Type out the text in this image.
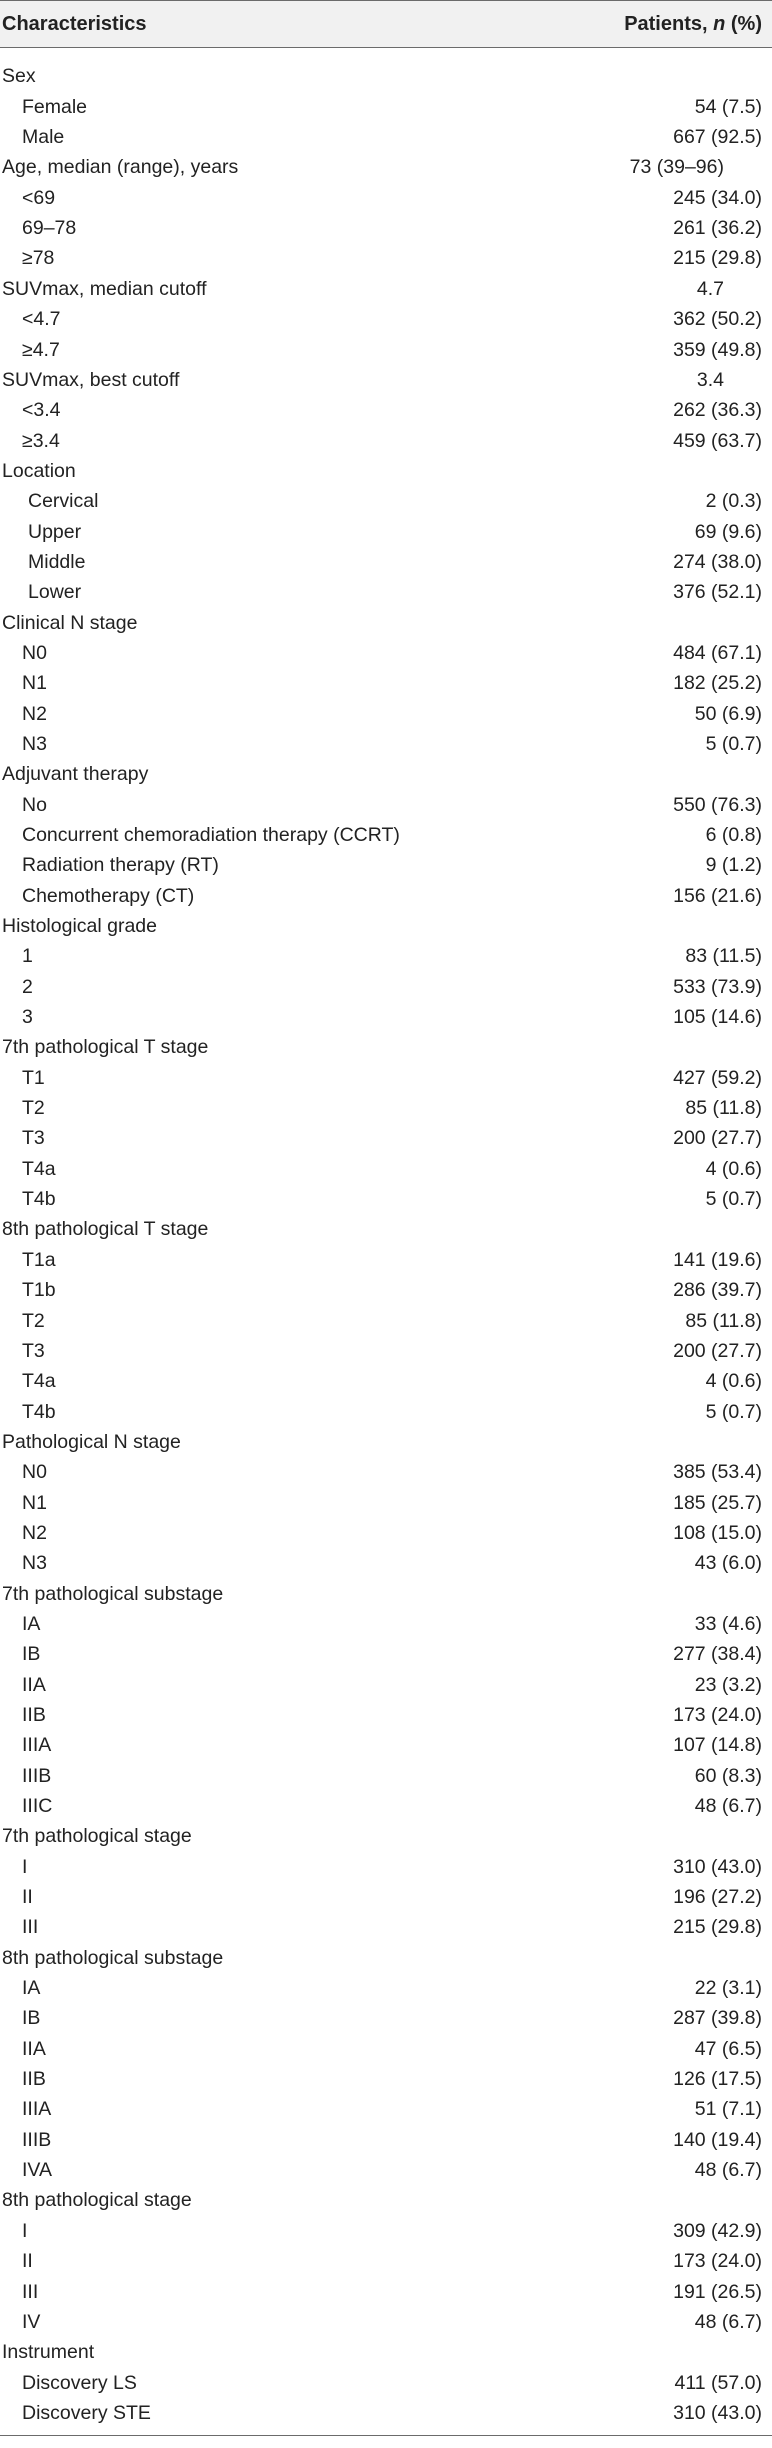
Characteristics	Patients, n (%)
Sex
Female	54 (7.5)
Male	667 (92.5)
Age, median (range), years	73 (39–96)
<69	245 (34.0)
69–78	261 (36.2)
≥78	215 (29.8)
SUVmax, median cutoff	4.7
<4.7	362 (50.2)
≥4.7	359 (49.8)
SUVmax, best cutoff	3.4
<3.4	262 (36.3)
≥3.4	459 (63.7)
Location
Cervical	2 (0.3)
Upper	69 (9.6)
Middle	274 (38.0)
Lower	376 (52.1)
Clinical N stage
N0	484 (67.1)
N1	182 (25.2)
N2	50 (6.9)
N3	5 (0.7)
Adjuvant therapy
No	550 (76.3)
Concurrent chemoradiation therapy (CCRT)	6 (0.8)
Radiation therapy (RT)	9 (1.2)
Chemotherapy (CT)	156 (21.6)
Histological grade
1	83 (11.5)
2	533 (73.9)
3	105 (14.6)
7th pathological T stage
T1	427 (59.2)
T2	85 (11.8)
T3	200 (27.7)
T4a	4 (0.6)
T4b	5 (0.7)
8th pathological T stage
T1a	141 (19.6)
T1b	286 (39.7)
T2	85 (11.8)
T3	200 (27.7)
T4a	4 (0.6)
T4b	5 (0.7)
Pathological N stage
N0	385 (53.4)
N1	185 (25.7)
N2	108 (15.0)
N3	43 (6.0)
7th pathological substage
IA	33 (4.6)
IB	277 (38.4)
IIA	23 (3.2)
IIB	173 (24.0)
IIIA	107 (14.8)
IIIB	60 (8.3)
IIIC	48 (6.7)
7th pathological stage
I	310 (43.0)
II	196 (27.2)
III	215 (29.8)
8th pathological substage
IA	22 (3.1)
IB	287 (39.8)
IIA	47 (6.5)
IIB	126 (17.5)
IIIA	51 (7.1)
IIIB	140 (19.4)
IVA	48 (6.7)
8th pathological stage
I	309 (42.9)
II	173 (24.0)
III	191 (26.5)
IV	48 (6.7)
Instrument
Discovery LS	411 (57.0)
Discovery STE	310 (43.0)
